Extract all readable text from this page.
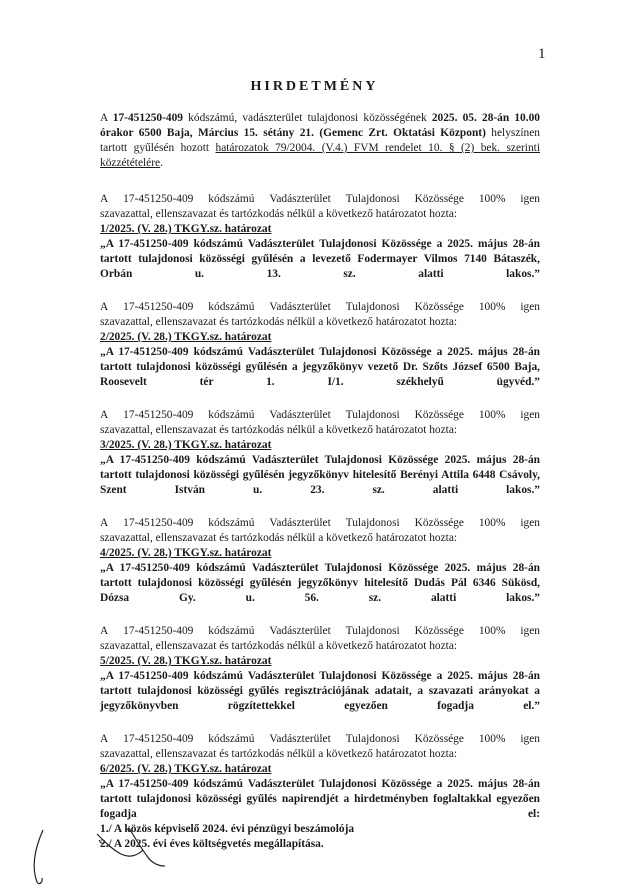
1
HIRDETMÉNY

A 17-451250-409 kódszámú, vadászterület tulajdonosi közösségének 2025. 05. 28-án 10.00 órakor 6500 Baja, Március 15. sétány 21. (Gemenc Zrt. Oktatási Központ) helyszínen tartott gyűlésén hozott határozatok 79/2004. (V.4.) FVM rendelet 10. § (2) bek. szerinti közzétételére.

A 17-451250-409 kódszámú Vadászterület Tulajdonosi Közössége 100% igen
szavazattal, ellenszavazat és tartózkodás nélkül a következő határozatot hozta:
1/2025. (V. 28.) TKGY.sz. határozat

„A 17-451250-409 kódszámú Vadászterület Tulajdonosi Közössége a 2025. május 28-án tartott tulajdonosi közösségi gyűlésén a levezető Fodermayer Vilmos 7140 Bátaszék, Orbán u. 13. sz. alatti lakos.”

A 17-451250-409 kódszámú Vadászterület Tulajdonosi Közössége 100% igen
szavazattal, ellenszavazat és tartózkodás nélkül a következő határozatot hozta:
2/2025. (V. 28.) TKGY.sz. határozat

„A 17-451250-409 kódszámú Vadászterület Tulajdonosi Közössége a 2025. május 28-án tartott tulajdonosi közösségi gyűlésén a jegyzőkönyv vezető Dr. Szőts József 6500 Baja, Roosevelt tér 1. I/1. székhelyű ügyvéd.”

A 17-451250-409 kódszámú Vadászterület Tulajdonosi Közössége 100% igen
szavazattal, ellenszavazat és tartózkodás nélkül a következő határozatot hozta:
3/2025. (V. 28.) TKGY.sz. határozat

„A 17-451250-409 kódszámú Vadászterület Tulajdonosi Közössége 2025. május 28-án tartott tulajdonosi közösségi gyűlésén jegyzőkönyv hitelesítő Berényi Attila 6448 Csávoly, Szent István u. 23. sz. alatti lakos.”

A 17-451250-409 kódszámú Vadászterület Tulajdonosi Közössége 100% igen
szavazattal, ellenszavazat és tartózkodás nélkül a következő határozatot hozta:
4/2025. (V. 28.) TKGY.sz. határozat

„A 17-451250-409 kódszámú Vadászterület Tulajdonosi Közössége 2025. május 28-án tartott tulajdonosi közösségi gyűlésén jegyzőkönyv hitelesítő Dudás Pál 6346 Sükösd, Dózsa Gy. u. 56. sz. alatti lakos.”

A 17-451250-409 kódszámú Vadászterület Tulajdonosi Közössége 100% igen
szavazattal, ellenszavazat és tartózkodás nélkül a következő határozatot hozta:
5/2025. (V. 28.) TKGY.sz. határozat

„A 17-451250-409 kódszámú Vadászterület Tulajdonosi Közössége a 2025. május 28-án tartott tulajdonosi közösségi gyűlés regisztrációjának adatait, a szavazati arányokat a jegyzőkönyvben rögzítettekkel egyezően fogadja el.”

A 17-451250-409 kódszámú Vadászterület Tulajdonosi Közössége 100% igen
szavazattal, ellenszavazat és tartózkodás nélkül a következő határozatot hozta:
6/2025. (V. 28.) TKGY.sz. határozat

„A 17-451250-409 kódszámú Vadászterület Tulajdonosi Közössége a 2025. május 28-án tartott tulajdonosi közösségi gyűlés napirendjét a hirdetményben foglaltakkal egyezően fogadja el:

1./ A közös képviselő 2024. évi pénzügyi beszámolója
2./ A 2025. évi éves költségvetés megállapítása.
